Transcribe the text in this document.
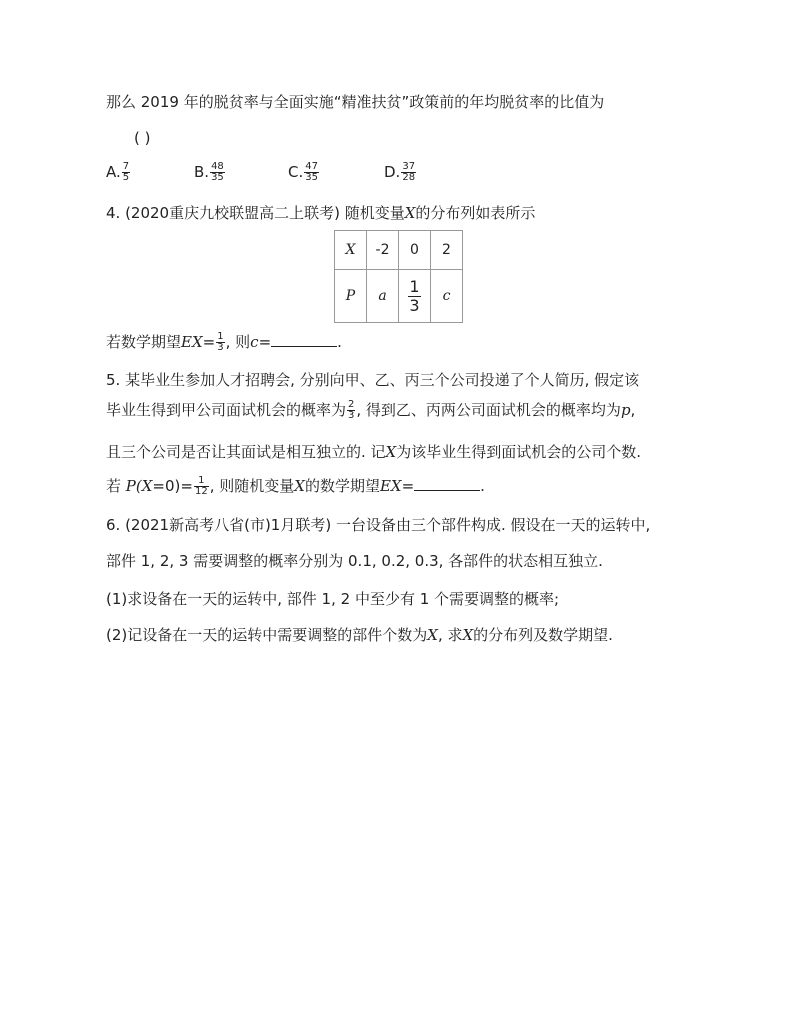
那么 2019 年的脱贫率与全面实施“精准扶贫”政策前的年均脱贫率的比值为
( )
A. $\frac{7}{5}$	B. $\frac{48}{35}$	C. $\frac{47}{35}$	D. $\frac{37}{28}$
4. (2020重庆九校联盟高二上联考) 随机变量X的分布列如表所示
X	-2	0	2
P	a	$\frac{1}{3}$	c
若数学期望$EX= \frac{1}{3}$ , 则c=	.
5. 某毕业生参加人才招聘会, 分别向甲、乙、丙三个公司投递了个人简历, 假定该
毕业生得到甲公司面试机会的概率为 $\frac{2}{3}$ , 得到乙、丙两公司面试机会的概率均为p,
且三个公司是否让其面试是相互独立的. 记X为该毕业生得到面试机会的公司个数.
若 $P(X=0)= \frac{1}{12}$ , 则随机变量X的数学期望EX=	.
6. (2021新高考八省(市)1月联考) 一台设备由三个部件构成. 假设在一天的运转中,
部件 1, 2, 3 需要调整的概率分别为 0.1, 0.2, 0.3, 各部件的状态相互独立.
(1)求设备在一天的运转中, 部件 1, 2 中至少有 1 个需要调整的概率;
(2)记设备在一天的运转中需要调整的部件个数为X, 求X的分布列及数学期望.
